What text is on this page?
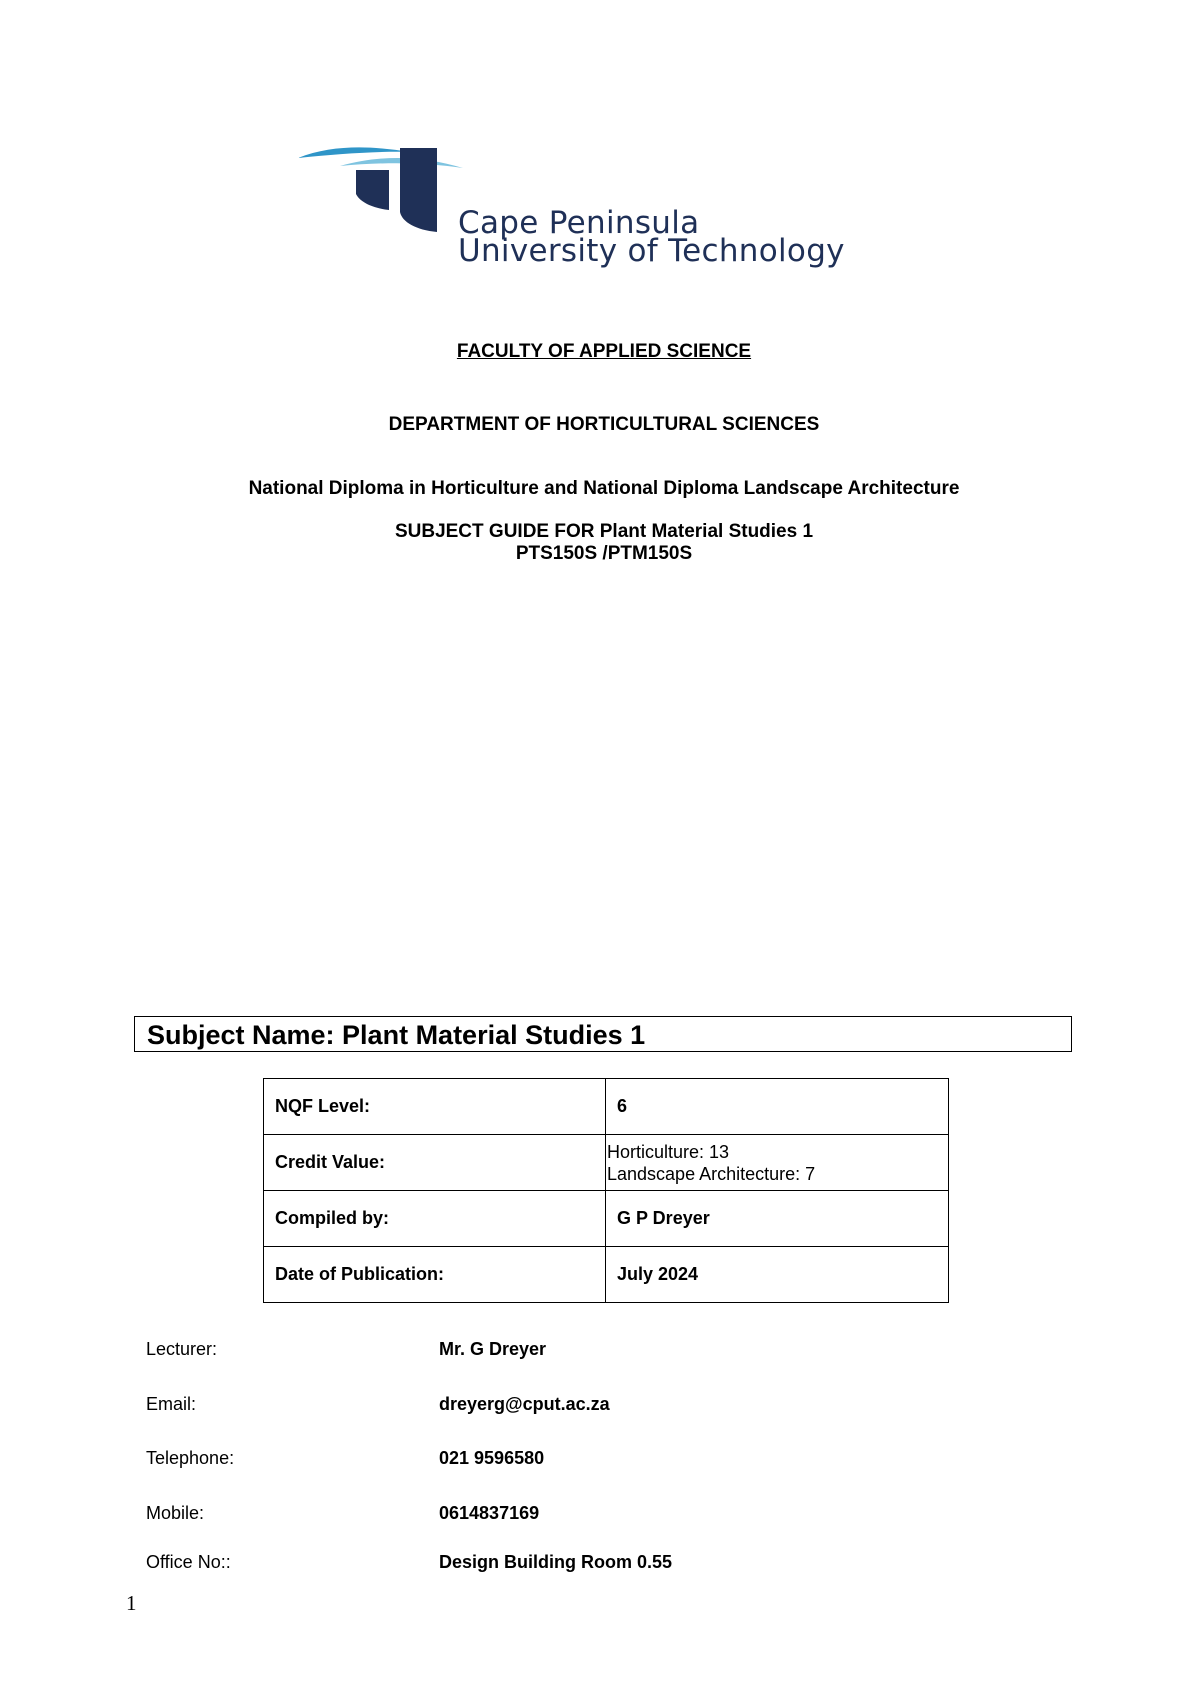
Cape Peninsula
University of Technology
FACULTY OF APPLIED SCIENCE
DEPARTMENT OF HORTICULTURAL SCIENCES
National Diploma in Horticulture and National Diploma Landscape Architecture
SUBJECT GUIDE FOR Plant Material Studies 1
PTS150S /PTM150S
Subject Name: Plant Material Studies 1
NQF Level:	6
Credit Value:	Horticulture: 13
Landscape Architecture: 7

Compiled by:	G P Dreyer
Date of Publication:	July 2024
Lecturer:	Mr. G Dreyer
Email:	dreyerg@cput.ac.za
Telephone:	021 9596580
Mobile:	0614837169
Office No::	Design Building Room 0.55
1
